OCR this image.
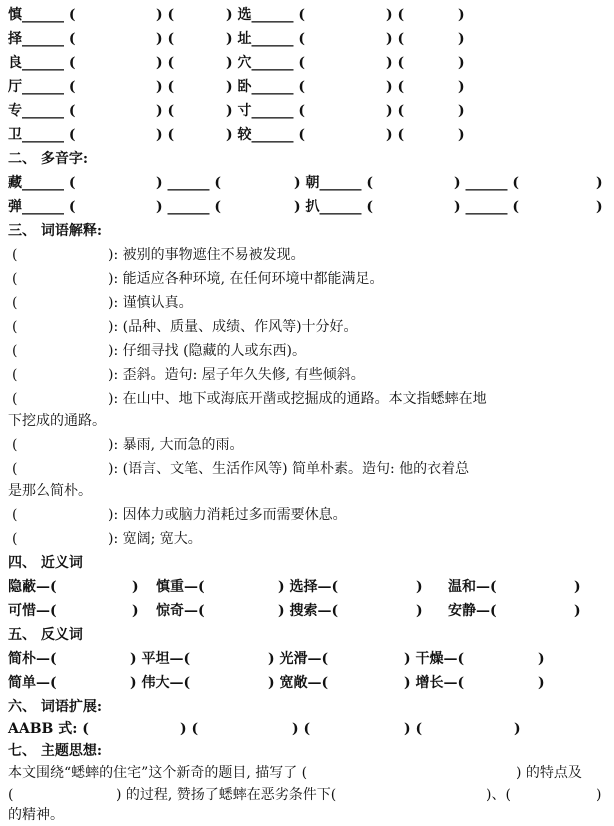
慎______ (	) (	) 选______ (	) (	)
择______ (	) (	) 址______ (	) (	)
良______ (	) (	) 穴______ (	) (	)
厅______ (	) (	) 卧______ (	) (	)
专______ (	) (	) 寸______ (	) (	)
卫______ (	) (	) 较______ (	) (	)
二、 多音字:
藏______ (	) ______ (	) 朝______ (	) ______ (	)
弹______ (	) ______ (	) 扒______ (	) ______ (	)
三、 词语解释:
(	): 被别的事物遮住不易被发现。
(	): 能适应各种环境, 在任何环境中都能满足。
(	): 谨慎认真。
(	): (品种、质量、成绩、作风等)十分好。
(	): 仔细寻找 (隐藏的人或东西)。
(	): 歪斜。造句: 屋子年久失修, 有些倾斜。
(	): 在山中、地下或海底开凿或挖掘成的通路。本文指蟋蟀在地
下挖成的通路。
(	): 暴雨, 大而急的雨。
(	): (语言、文笔、生活作风等) 简单朴素。造句: 他的衣着总
是那么简朴。
(	): 因体力或脑力消耗过多而需要休息。
(	): 宽阔; 宽大。
四、 近义词
隐蔽—(	) 慎重—(	) 选择—(	) 温和—(	)
可惜—(	) 惊奇—(	) 搜索—(	) 安静—(	)
五、 反义词
简朴—(	) 平坦—(	) 光滑—(	) 干燥—(	)
简单—(	) 伟大—(	) 宽敞—(	) 增长—(	)
六、 词语扩展:
AABB 式: (	) (	) (	) (	)
七、 主题思想:
本文围绕“蟋蟀的住宅”这个新奇的题目, 描写了 (	) 的特点及
(	) 的过程, 赞扬了蟋蟀在恶劣条件下(	)、(	)
的精神。
